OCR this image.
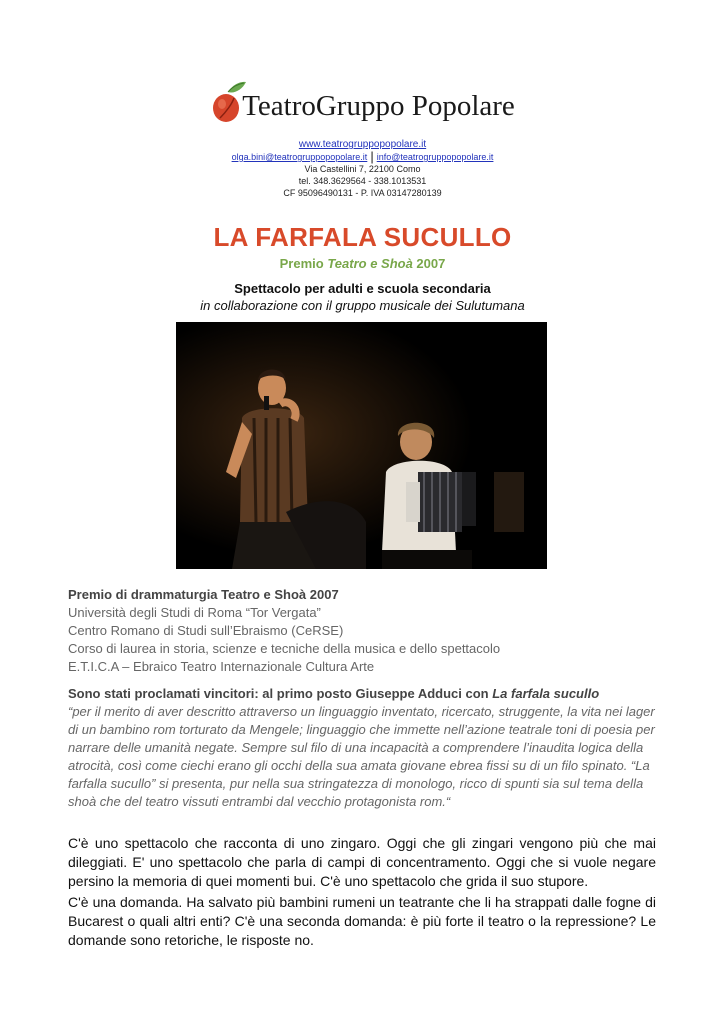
TeatroGruppo Popolare
www.teatrogruppopopolare.it
olga.bini@teatrogruppopopolare.it | info@teatrogruppopopolare.it
Via Castellini 7, 22100 Como
tel. 348.3629564 - 338.1013531
CF 95096490131 - P. IVA 03147280139
LA FARFALA SUCULLO
Premio Teatro e Shoà 2007
Spettacolo per adulti e scuola secondaria
in collaborazione con il gruppo musicale dei Sulutumana
Premio di drammaturgia Teatro e Shoà 2007
Università degli Studi di Roma “Tor Vergata”
Centro Romano di Studi sull’Ebraismo (CeRSE)
Corso di laurea in storia, scienze e tecniche della musica e dello spettacolo
E.T.I.C.A – Ebraico Teatro Internazionale Cultura Arte
Sono stati proclamati vincitori: al primo posto Giuseppe Adduci con La farfala sucullo
“per il merito di aver descritto attraverso un linguaggio inventato, ricercato, struggente, la vita nei lager di un bambino rom torturato da Mengele; linguaggio che immette nell’azione teatrale toni di poesia per narrare delle umanità negate. Sempre sul filo di una incapacità a comprendere l’inaudita logica della atrocità, così come ciechi erano gli occhi della sua amata giovane ebrea fissi su di un filo spinato. “La farfalla sucullo” si presenta, pur nella sua stringatezza di monologo, ricco di spunti sia sul tema della shoà che del teatro vissuti entrambi dal vecchio protagonista rom.“
C'è uno spettacolo che racconta di uno zingaro. Oggi che gli zingari vengono più che mai dileggiati. E' uno spettacolo che parla di campi di concentramento. Oggi che si vuole negare persino la memoria di quei momenti bui. C'è uno spettacolo che grida il suo stupore.
C'è una domanda. Ha salvato più bambini rumeni un teatrante che li ha strappati dalle fogne di Bucarest o quali altri enti? C'è una seconda domanda: è più forte il teatro o la repressione? Le domande sono retoriche, le risposte no.
